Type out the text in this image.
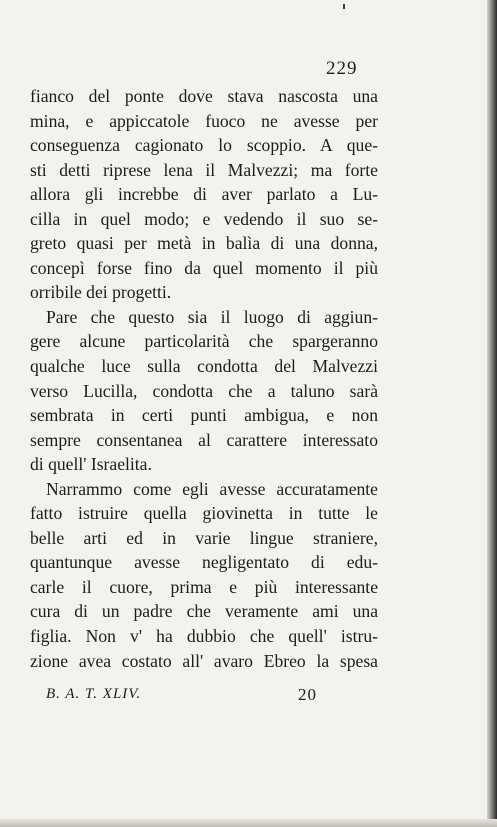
229
fianco del ponte dove stava nascosta una
mina, e appiccatole fuoco ne avesse per
conseguenza cagionato lo scoppio. A que-
sti detti riprese lena il Malvezzi; ma forte
allora gli increbbe di aver parlato a Lu-
cilla in quel modo; e vedendo il suo se-
greto quasi per metà in balìa di una donna,
concepì forse fino da quel momento il più
orribile dei progetti.
Pare che questo sia il luogo di aggiun-
gere alcune particolarità che spargeranno
qualche luce sulla condotta del Malvezzi
verso Lucilla, condotta che a taluno sarà
sembrata in certi punti ambigua, e non
sempre consentanea al carattere interessato
di quell' Israelita.
Narrammo come egli avesse accuratamente
fatto istruire quella giovinetta in tutte le
belle arti ed in varie lingue straniere,
quantunque avesse negligentato di edu-
carle il cuore, prima e più interessante
cura di un padre che veramente ami una
figlia. Non v' ha dubbio che quell' istru-
zione avea costato all' avaro Ebreo la spesa
B. A. T. XLIV.	20
